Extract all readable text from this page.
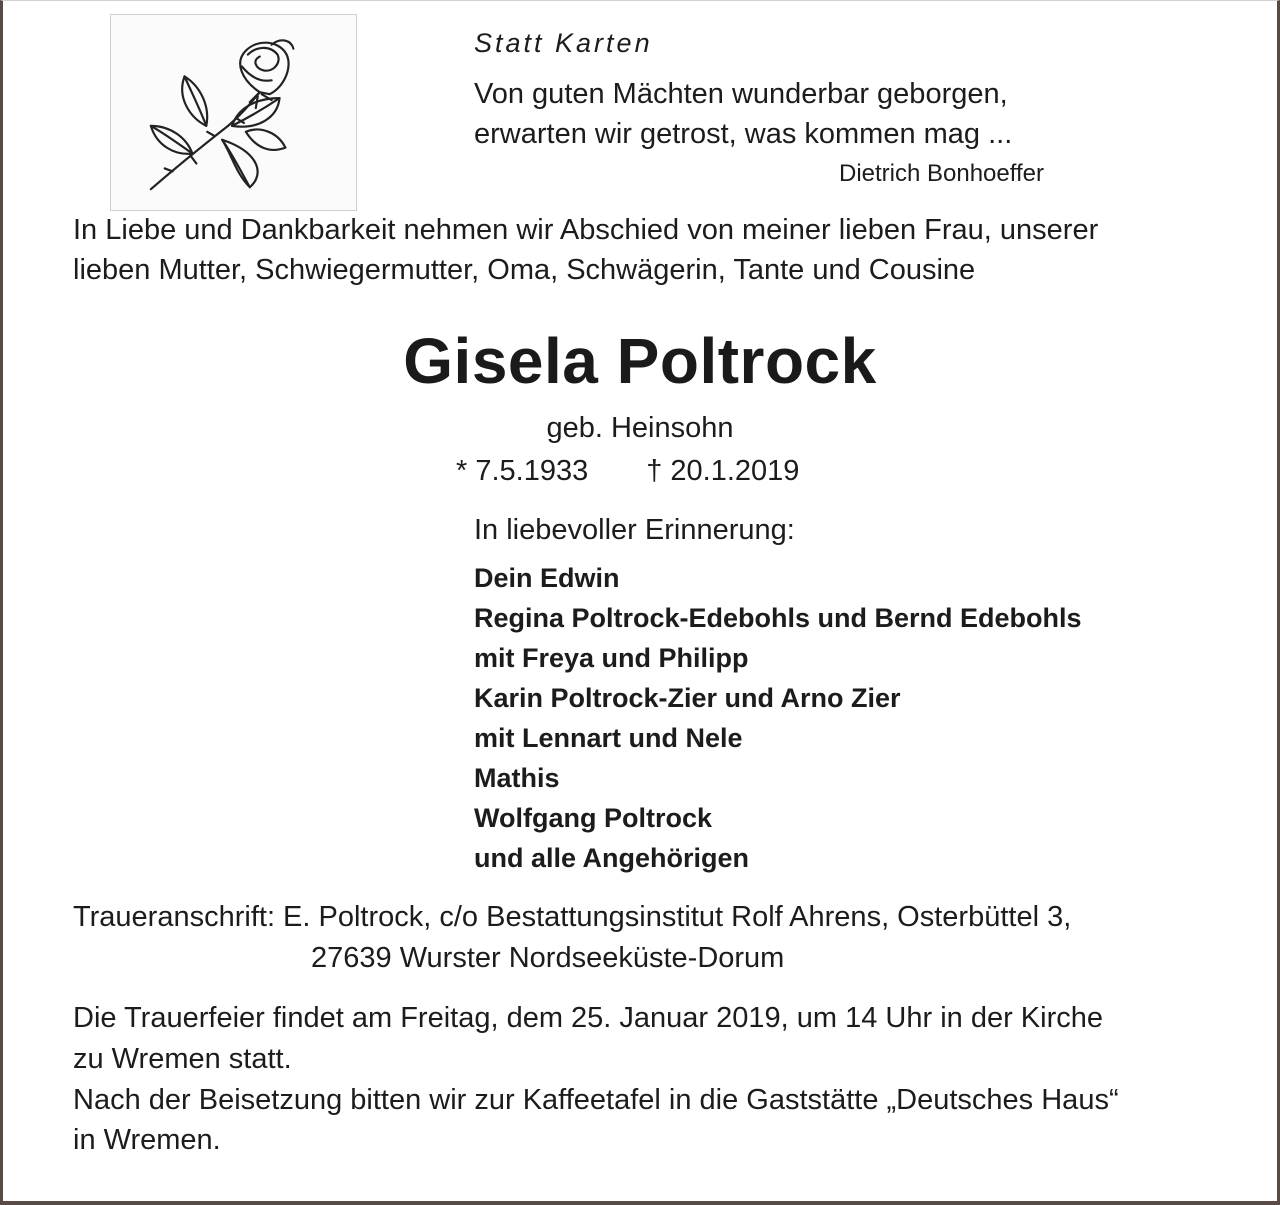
Statt Karten
Von guten Mächten wunderbar geborgen,
erwarten wir getrost, was kommen mag ...
Dietrich Bonhoeffer
In Liebe und Dankbarkeit nehmen wir Abschied von meiner lieben Frau, unserer
lieben Mutter, Schwiegermutter, Oma, Schwägerin, Tante und Cousine
Gisela Poltrock
geb. Heinsohn
* 7.5.1933 † 20.1.2019
In liebevoller Erinnerung:
Dein Edwin
Regina Poltrock-Edebohls und Bernd Edebohls
mit Freya und Philipp
Karin Poltrock-Zier und Arno Zier
mit Lennart und Nele
Mathis
Wolfgang Poltrock
und alle Angehörigen
Traueranschrift: E. Poltrock, c/o Bestattungsinstitut Rolf Ahrens, Osterbüttel 3,
27639 Wurster Nordseeküste-Dorum
Die Trauerfeier findet am Freitag, dem 25. Januar 2019, um 14 Uhr in der Kirche
zu Wremen statt.
Nach der Beisetzung bitten wir zur Kaffeetafel in die Gaststätte „Deutsches Haus“
in Wremen.
